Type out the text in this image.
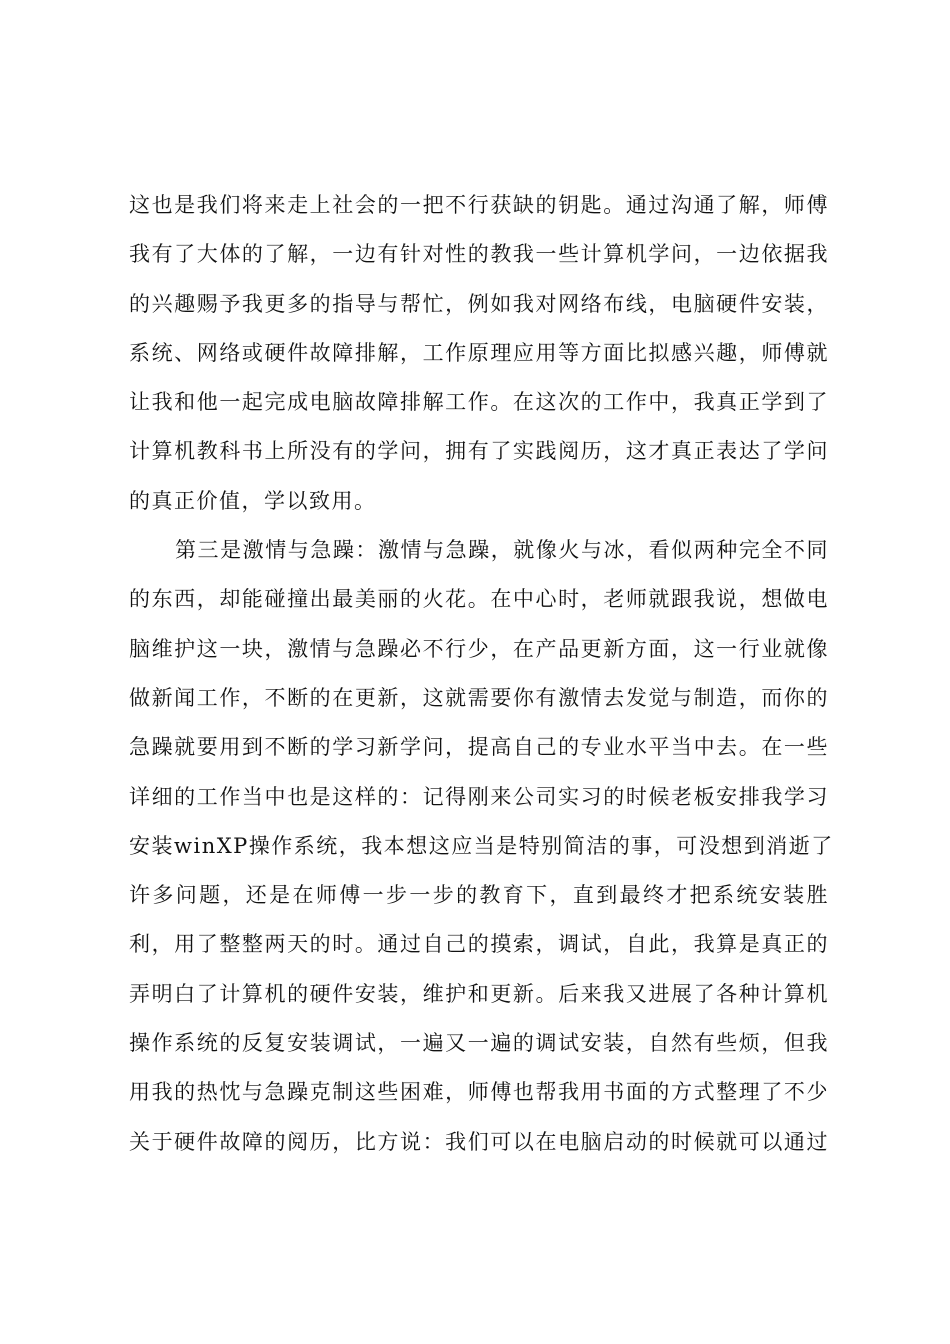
这也是我们将来走上社会的一把不行获缺的钥匙。通过沟通了解，师傅
我有了大体的了解，一边有针对性的教我一些计算机学问，一边依据我
的兴趣赐予我更多的指导与帮忙，例如我对网络布线，电脑硬件安装，
系统、网络或硬件故障排解，工作原理应用等方面比拟感兴趣，师傅就
让我和他一起完成电脑故障排解工作。在这次的工作中，我真正学到了
计算机教科书上所没有的学问，拥有了实践阅历，这才真正表达了学问
的真正价值，学以致用。
第三是激情与急躁：激情与急躁，就像火与冰，看似两种完全不同
的东西，却能碰撞出最美丽的火花。在中心时，老师就跟我说，想做电
脑维护这一块，激情与急躁必不行少，在产品更新方面，这一行业就像
做新闻工作，不断的在更新，这就需要你有激情去发觉与制造，而你的
急躁就要用到不断的学习新学问，提高自己的专业水平当中去。在一些
详细的工作当中也是这样的：记得刚来公司实习的时候老板安排我学习
安装winXP操作系统，我本想这应当是特别简洁的事，可没想到消逝了
许多问题，还是在师傅一步一步的教育下，直到最终才把系统安装胜
利，用了整整两天的时。通过自己的摸索，调试，自此，我算是真正的
弄明白了计算机的硬件安装，维护和更新。后来我又进展了各种计算机
操作系统的反复安装调试，一遍又一遍的调试安装，自然有些烦，但我
用我的热忱与急躁克制这些困难，师傅也帮我用书面的方式整理了不少
关于硬件故障的阅历，比方说：我们可以在电脑启动的时候就可以通过
